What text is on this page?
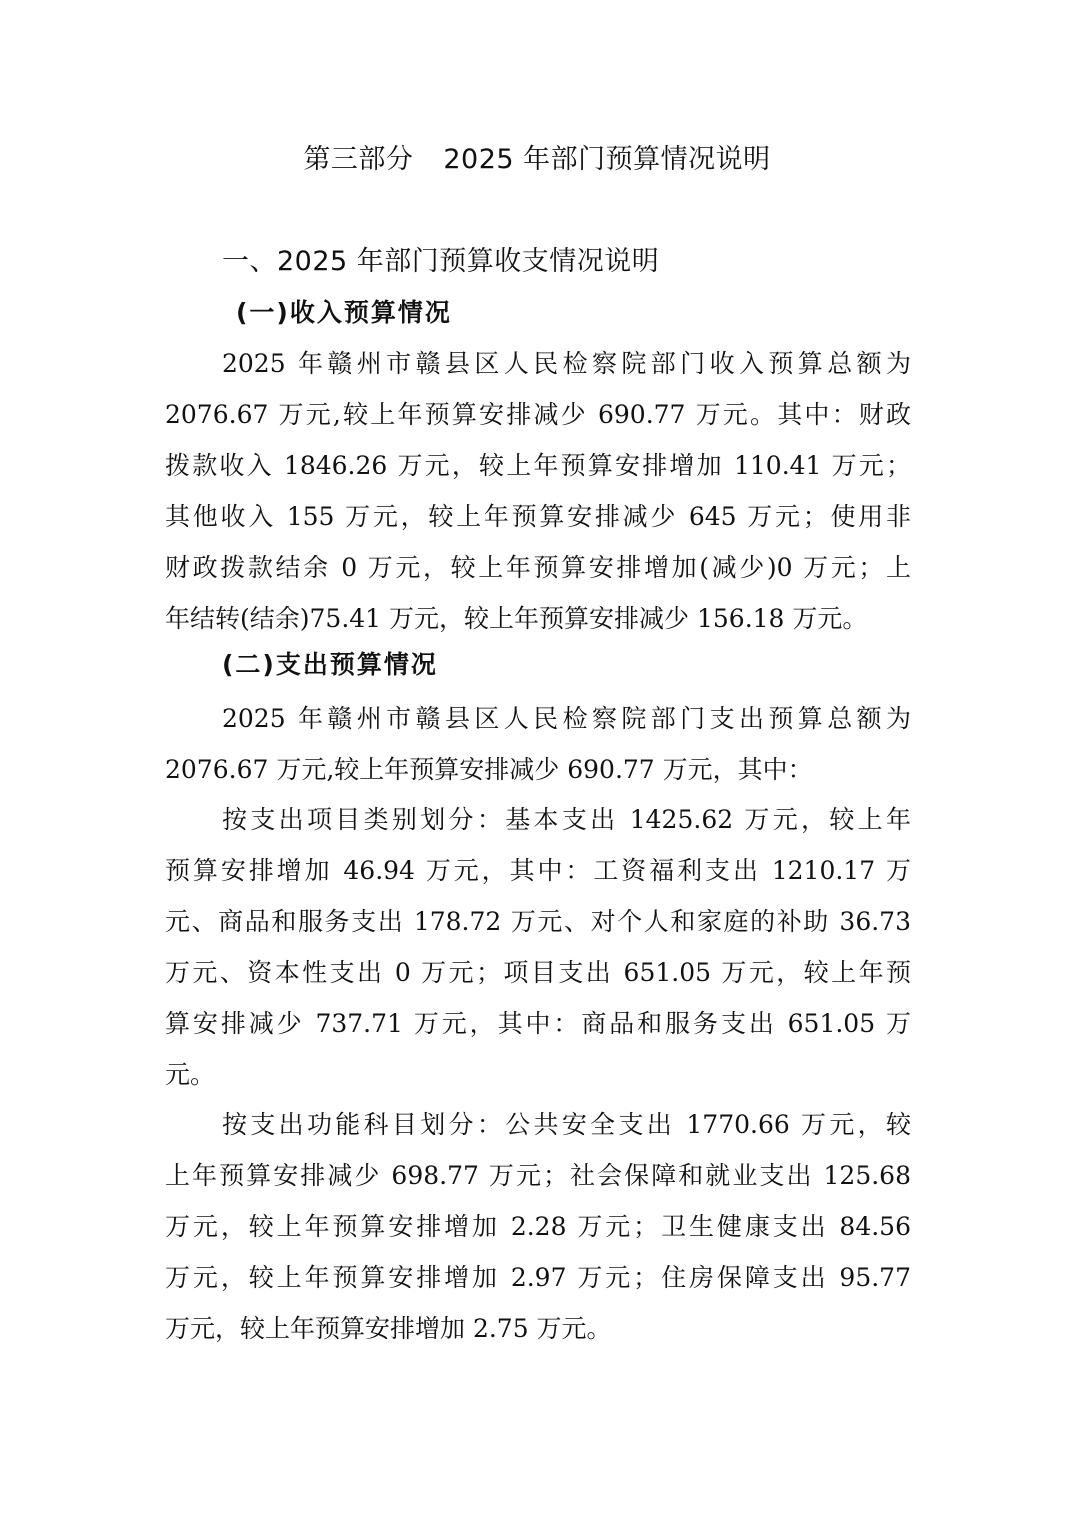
第三部分 2025 年部门预算情况说明
一、2025 年部门预算收支情况说明
(一)收入预算情况
2025 年赣州市赣县区人民检察院部门收入预算总额为
2076.67 万元,较上年预算安排减少 690.77 万元。其中：财政
拨款收入 1846.26 万元，较上年预算安排增加 110.41 万元；
其他收入 155 万元，较上年预算安排减少 645 万元；使用非
财政拨款结余 0 万元，较上年预算安排增加(减少)0 万元；上
年结转(结余)75.41 万元，较上年预算安排减少 156.18 万元。
(二)支出预算情况
2025 年赣州市赣县区人民检察院部门支出预算总额为
2076.67 万元,较上年预算安排减少 690.77 万元，其中：
按支出项目类别划分：基本支出 1425.62 万元，较上年
预算安排增加 46.94 万元，其中：工资福利支出 1210.17 万
元、商品和服务支出 178.72 万元、对个人和家庭的补助 36.73
万元、资本性支出 0 万元；项目支出 651.05 万元，较上年预
算安排减少 737.71 万元，其中：商品和服务支出 651.05 万
元。
按支出功能科目划分：公共安全支出 1770.66 万元，较
上年预算安排减少 698.77 万元；社会保障和就业支出 125.68
万元，较上年预算安排增加 2.28 万元；卫生健康支出 84.56
万元，较上年预算安排增加 2.97 万元；住房保障支出 95.77
万元，较上年预算安排增加 2.75 万元。
